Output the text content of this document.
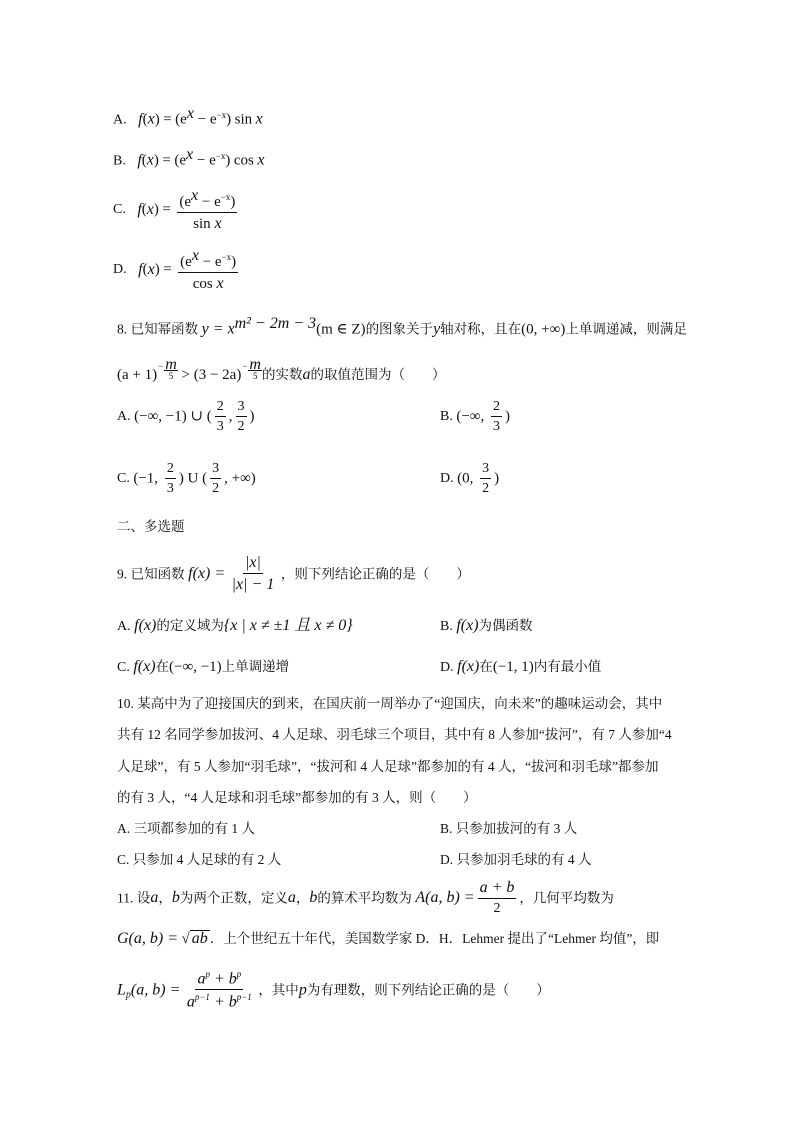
A. $f(x) = (e^x - e^{-x})$ sin x
B. $f(x) = (e^x - e^{-x})$ cos x
C. $f(x) = \frac{(e^x - e^{-x})}{\text{sin x}}$
D. $f(x) = \frac{(e^x - e^{-x})}{\text{cos x}}$
8. 已知幂函数 $y = x^{m^2 - 2m - 3}(m$ ∈ Z)的图象关于y轴对称，且在(0, +∞)上单调递减，则满足
(a + 1)
− m
5 > (3 − 2a)
− m
5 的实数a的取值范围为（　　）
A. (−∞, −1) ∪ ( $\frac{2}{3}$ , $\frac{3}{2}$ )	B. (−∞, $\frac{2}{3}$ )
C. (−1, $\frac{2}{3}$ ) U ( $\frac{3}{2}$ , +∞)	D. (0, $\frac{3}{2}$ )
二、多选题
9. 已知函数 $f(x) = \frac{|x|}{|x| - 1}$ ，则下列结论正确的是（　　）
A. f(x)的定义域为{x | x ≠ ±1 且 x ≠ 0}	B. f(x)为偶函数
C. f(x)在(−∞, −1)上单调递增	D. f(x)在(−1, 1)内有最小值
10. 某高中为了迎接国庆的到来，在国庆前一周举办了“迎国庆，向未来”的趣味运动会，其中
共有 12 名同学参加拔河、4 人足球、羽毛球三个项目，其中有 8 人参加“拔河”，有 7 人参加“4
人足球”，有 5 人参加“羽毛球”，“拔河和 4 人足球”都参加的有 4 人，“拔河和羽毛球”都参加
的有 3 人，“4 人足球和羽毛球”都参加的有 3 人，则（　　）
A. 三项都参加的有 1 人	B. 只参加拔河的有 3 人
C. 只参加 4 人足球的有 2 人	D. 只参加羽毛球的有 4 人
11. 设a，b为两个正数，定义a，b的算术平均数为 A(a, $b) = \frac{a + b}{2}$ ，几何平均数为
G(a, b) = √ ab ．上个世纪五十年代，美国数学家 D．H．Lehmer 提出了“Lehmer 均值”，即
$L_p(a$, $b) = \frac{a^p + b^p}{a^{p-1} + b^{p-1}}$ ，其中p为有理数，则下列结论正确的是（　　）
